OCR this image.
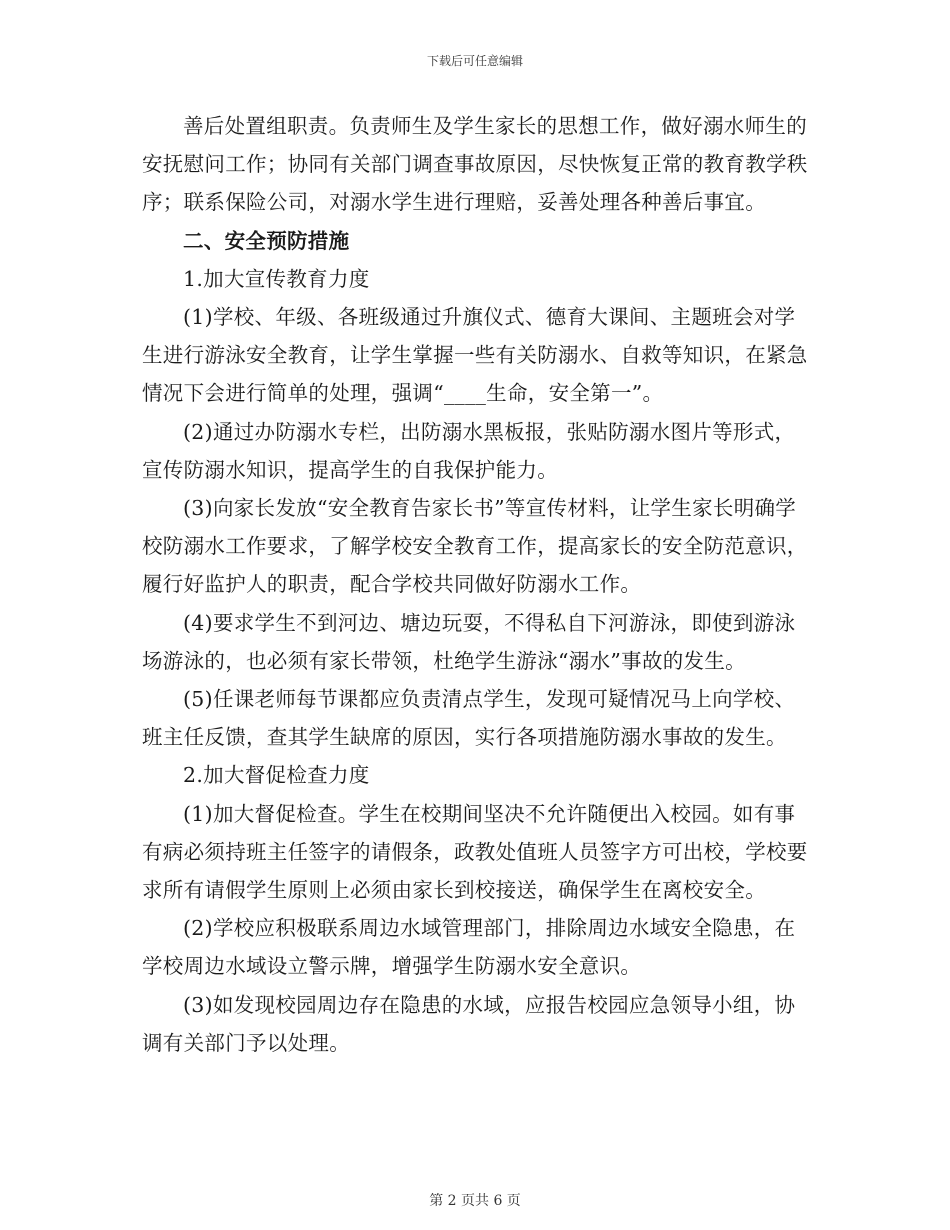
下载后可任意编辑

善后处置组职责。负责师生及学生家长的思想工作，做好溺水师生的安抚慰问工作；协同有关部门调查事故原因，尽快恢复正常的教育教学秩序；联系保险公司，对溺水学生进行理赔，妥善处理各种善后事宜。

二、安全预防措施

1.加大宣传教育力度

(1)学校、年级、各班级通过升旗仪式、德育大课间、主题班会对学生进行游泳安全教育，让学生掌握一些有关防溺水、自救等知识，在紧急情况下会进行简单的处理，强调“____生命，安全第一”。

(2)通过办防溺水专栏，出防溺水黑板报，张贴防溺水图片等形式，宣传防溺水知识，提高学生的自我保护能力。

(3)向家长发放“安全教育告家长书”等宣传材料，让学生家长明确学校防溺水工作要求，了解学校安全教育工作，提高家长的安全防范意识，履行好监护人的职责，配合学校共同做好防溺水工作。

(4)要求学生不到河边、塘边玩耍，不得私自下河游泳，即使到游泳场游泳的，也必须有家长带领，杜绝学生游泳“溺水”事故的发生。

(5)任课老师每节课都应负责清点学生，发现可疑情况马上向学校、班主任反馈，查其学生缺席的原因，实行各项措施防溺水事故的发生。

2.加大督促检查力度

(1)加大督促检查。学生在校期间坚决不允许随便出入校园。如有事有病必须持班主任签字的请假条，政教处值班人员签字方可出校，学校要求所有请假学生原则上必须由家长到校接送，确保学生在离校安全。

(2)学校应积极联系周边水域管理部门，排除周边水域安全隐患，在学校周边水域设立警示牌，增强学生防溺水安全意识。

(3)如发现校园周边存在隐患的水域，应报告校园应急领导小组，协调有关部门予以处理。

第 2 页共 6 页
